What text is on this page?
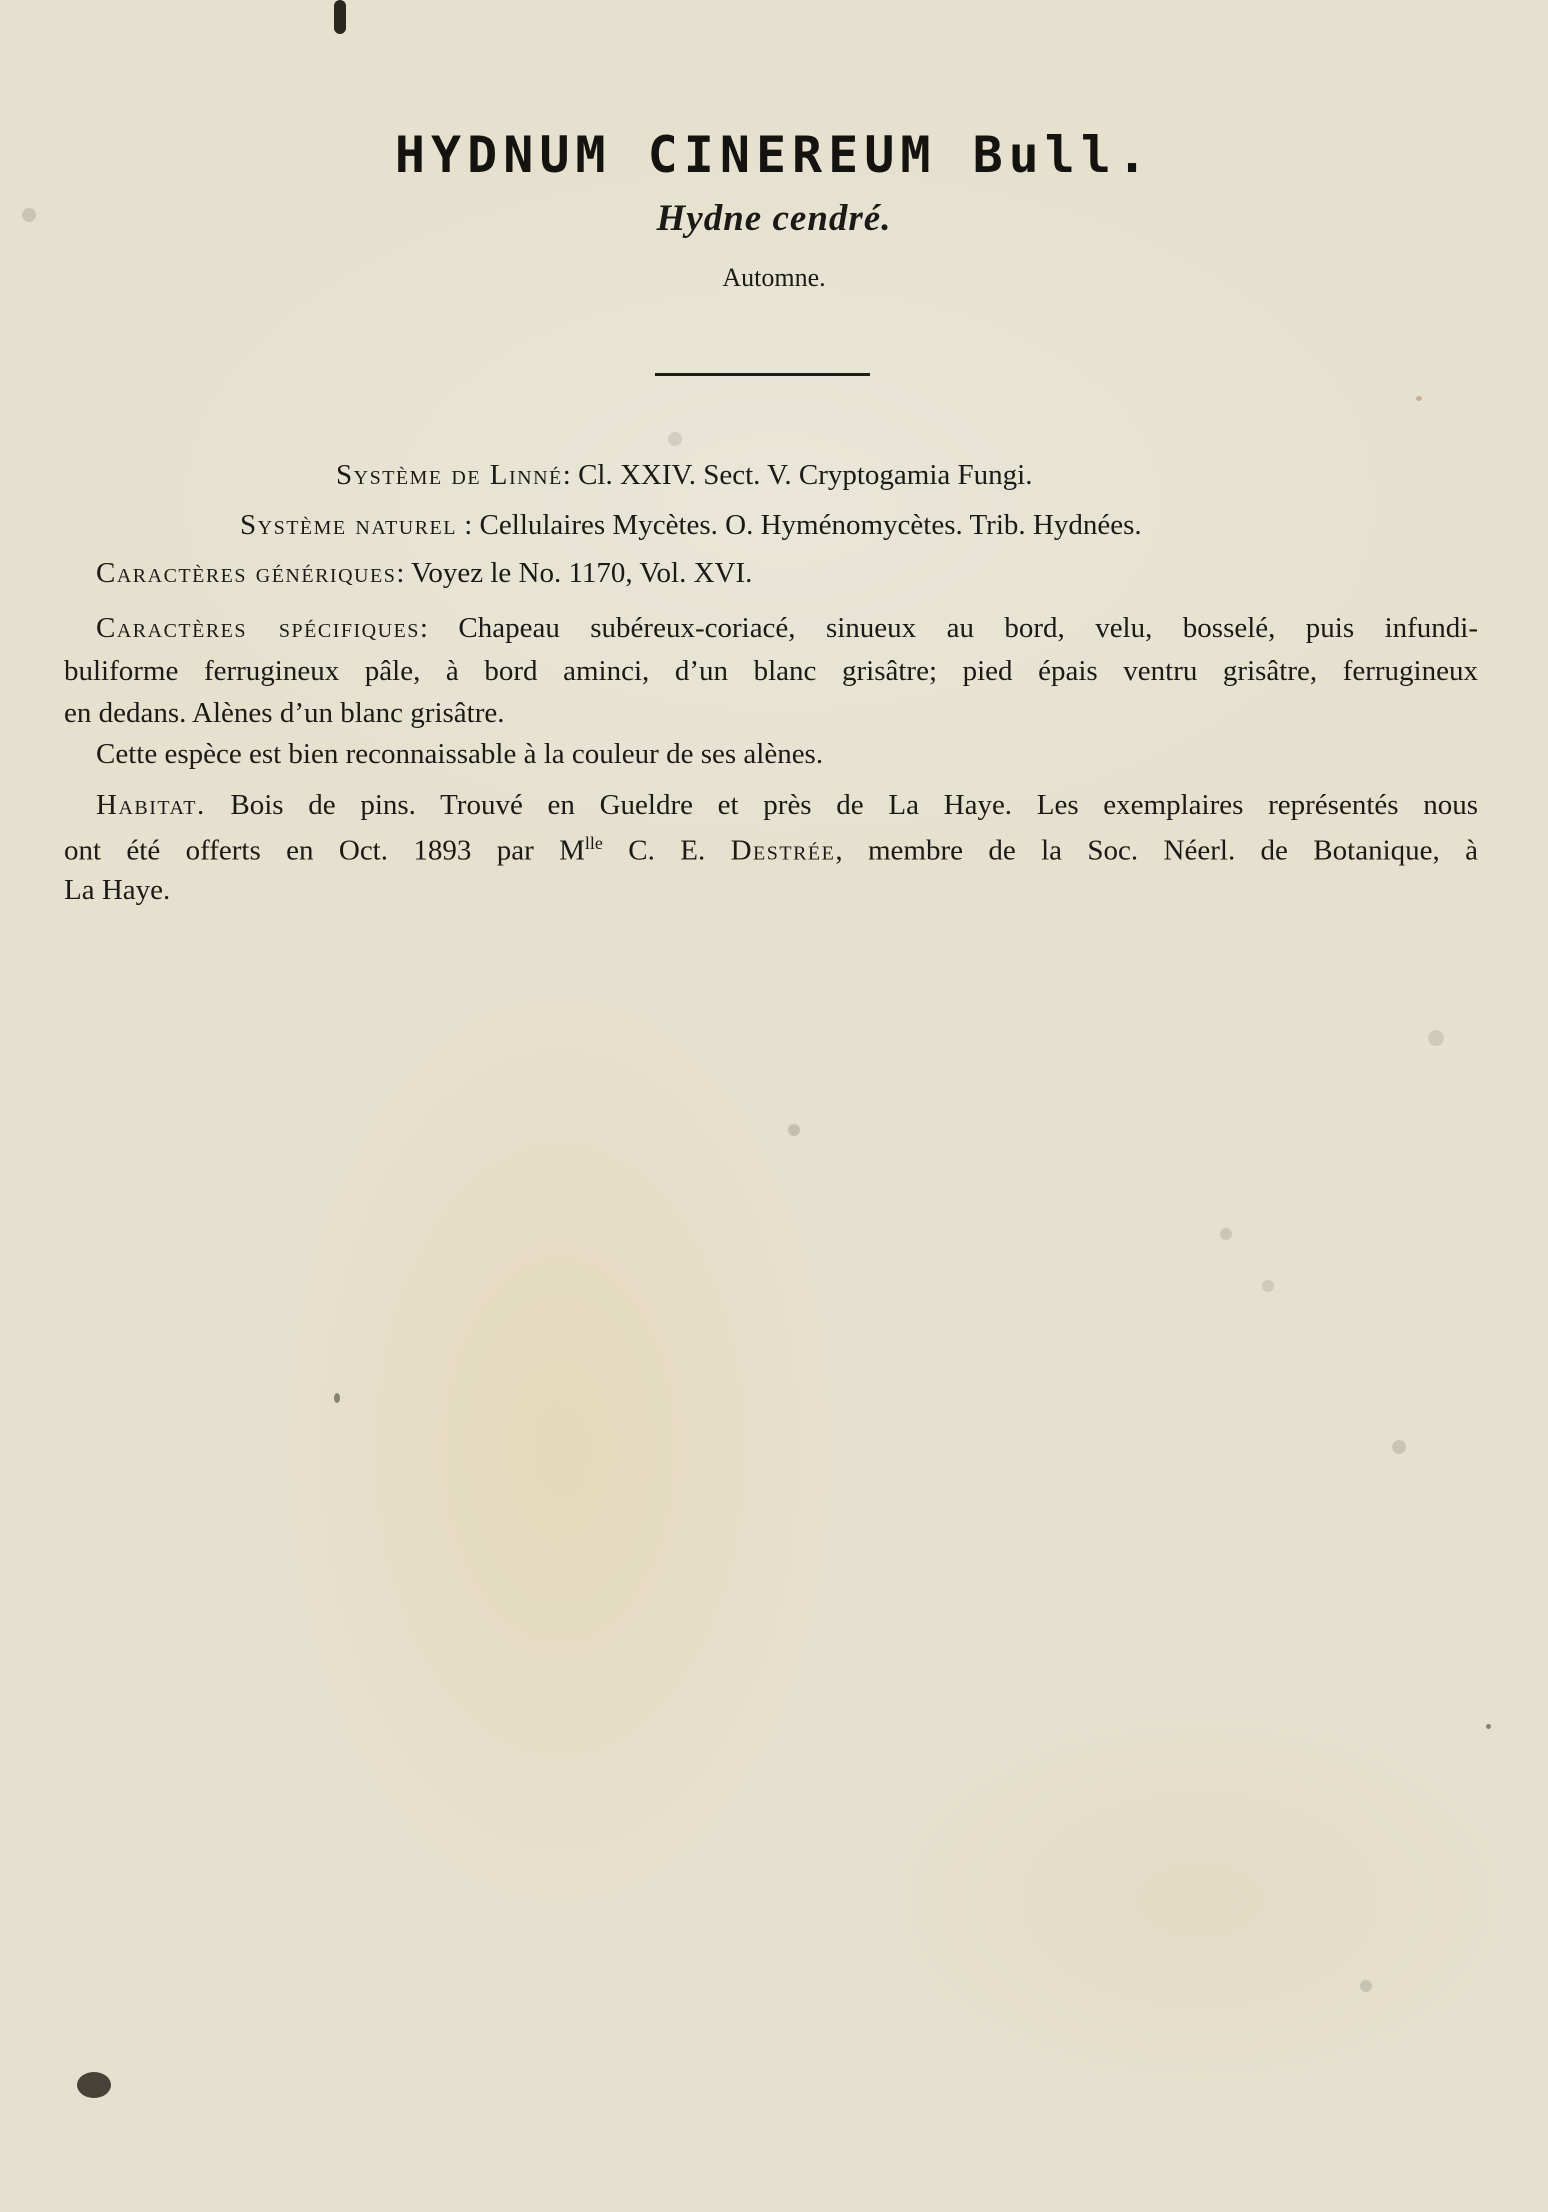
HYDNUM CINEREUM Bull.
Hydne cendré.
Automne.
Système de Linné: Cl. XXIV. Sect. V. Cryptogamia Fungi.
Système naturel : Cellulaires Mycètes. O. Hyménomycètes. Trib. Hydnées.
Caractères génériques: Voyez le No. 1170, Vol. XVI.
Caractères spécifiques: Chapeau subéreux-coriacé, sinueux au bord, velu, bosselé, puis infundi-
buliforme ferrugineux pâle, à bord aminci, d’un blanc grisâtre; pied épais ventru grisâtre, ferrugineux
en dedans. Alènes d’un blanc grisâtre.
Cette espèce est bien reconnaissable à la couleur de ses alènes.
Habitat. Bois de pins. Trouvé en Gueldre et près de La Haye. Les exemplaires représentés nous
ont été offerts en Oct. 1893 par $M^{lle}$ C. E. Destrée, membre de la Soc. Néerl. de Botanique, à
La Haye.
